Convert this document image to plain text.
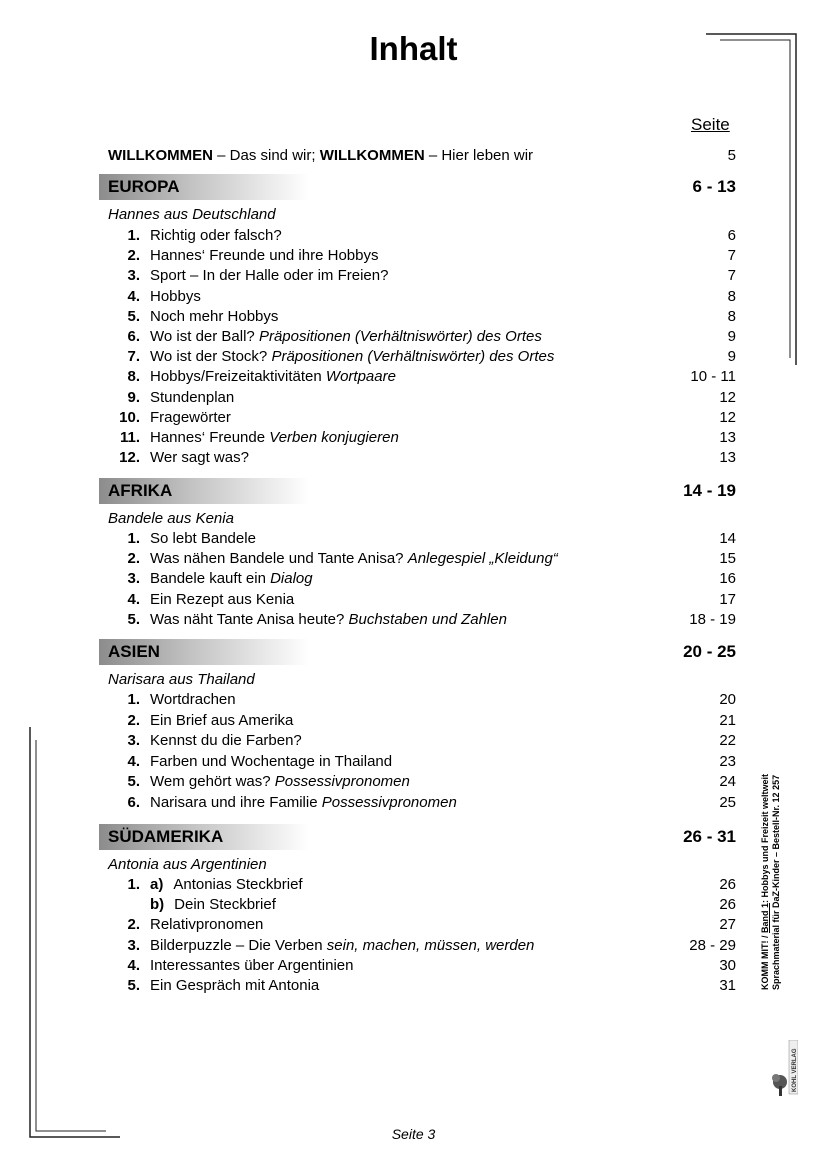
Inhalt
Seite
WILLKOMMEN – Das sind wir; WILLKOMMEN – Hier leben wir	5
EUROPA	6 - 13
Hannes aus Deutschland
1. Richtig oder falsch?	6
2. Hannes‘ Freunde und ihre Hobbys	7
3. Sport – In der Halle oder im Freien?	7
4. Hobbys	8
5. Noch mehr Hobbys	8
6. Wo ist der Ball? Präpositionen (Verhältniswörter) des Ortes	9
7. Wo ist der Stock? Präpositionen (Verhältniswörter) des Ortes	9
8. Hobbys/Freizeitaktivitäten Wortpaare	10 - 11
9. Stundenplan	12
10. Fragewörter	12
11. Hannes‘ Freunde Verben konjugieren	13
12. Wer sagt was?	13
AFRIKA	14 - 19
Bandele aus Kenia
1. So lebt Bandele	14
2. Was nähen Bandele und Tante Anisa? Anlegespiel „Kleidung“	15
3. Bandele kauft ein Dialog	16
4. Ein Rezept aus Kenia	17
5. Was näht Tante Anisa heute? Buchstaben und Zahlen	18 - 19
ASIEN	20 - 25
Narisara aus Thailand
1. Wortdrachen	20
2. Ein Brief aus Amerika	21
3. Kennst du die Farben?	22
4. Farben und Wochentage in Thailand	23
5. Wem gehört was? Possessivpronomen	24
6. Narisara und ihre Familie Possessivpronomen	25
SÜDAMERIKA	26 - 31
Antonia aus Argentinien
1. a) Antonias Steckbrief	26
b) Dein Steckbrief	26
2. Relativpronomen	27
3. Bilderpuzzle – Die Verben sein, machen, müssen, werden	28 - 29
4. Interessantes über Argentinien	30
5. Ein Gespräch mit Antonia	31
Seite 3
KOMM MIT! / Band 1: Hobbys und Freizeit weltweit Sprachmaterial für DaZ-Kinder – Bestell-Nr. 12 257
KOHL VERLAG
